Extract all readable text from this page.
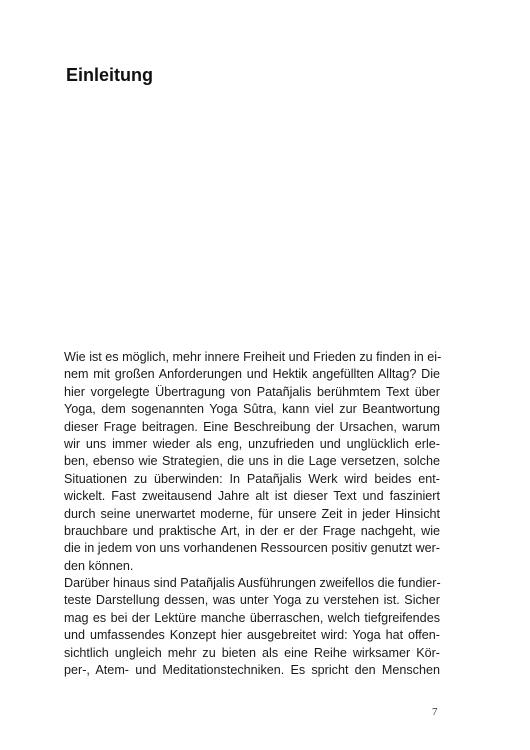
Einleitung
Wie ist es möglich, mehr innere Freiheit und Frieden zu finden in ei-
nem mit großen Anforderungen und Hektik angefüllten Alltag? Die
hier vorgelegte Übertragung von Patañjalis berühmtem Text über
Yoga, dem sogenannten Yoga Sûtra, kann viel zur Beantwortung
dieser Frage beitragen. Eine Beschreibung der Ursachen, warum
wir uns immer wieder als eng, unzufrieden und unglücklich erle-
ben, ebenso wie Strategien, die uns in die Lage versetzen, solche
Situationen zu überwinden: In Patañjalis Werk wird beides ent-
wickelt. Fast zweitausend Jahre alt ist dieser Text und fasziniert
durch seine unerwartet moderne, für unsere Zeit in jeder Hinsicht
brauchbare und praktische Art, in der er der Frage nachgeht, wie
die in jedem von uns vorhandenen Ressourcen positiv genutzt wer-
den können.
Darüber hinaus sind Patañjalis Ausführungen zweifellos die fundier-
teste Darstellung dessen, was unter Yoga zu verstehen ist. Sicher
mag es bei der Lektüre manche überraschen, welch tiefgreifendes
und umfassendes Konzept hier ausgebreitet wird: Yoga hat offen-
sichtlich ungleich mehr zu bieten als eine Reihe wirksamer Kör-
per-, Atem- und Meditationstechniken. Es spricht den Menschen
7
